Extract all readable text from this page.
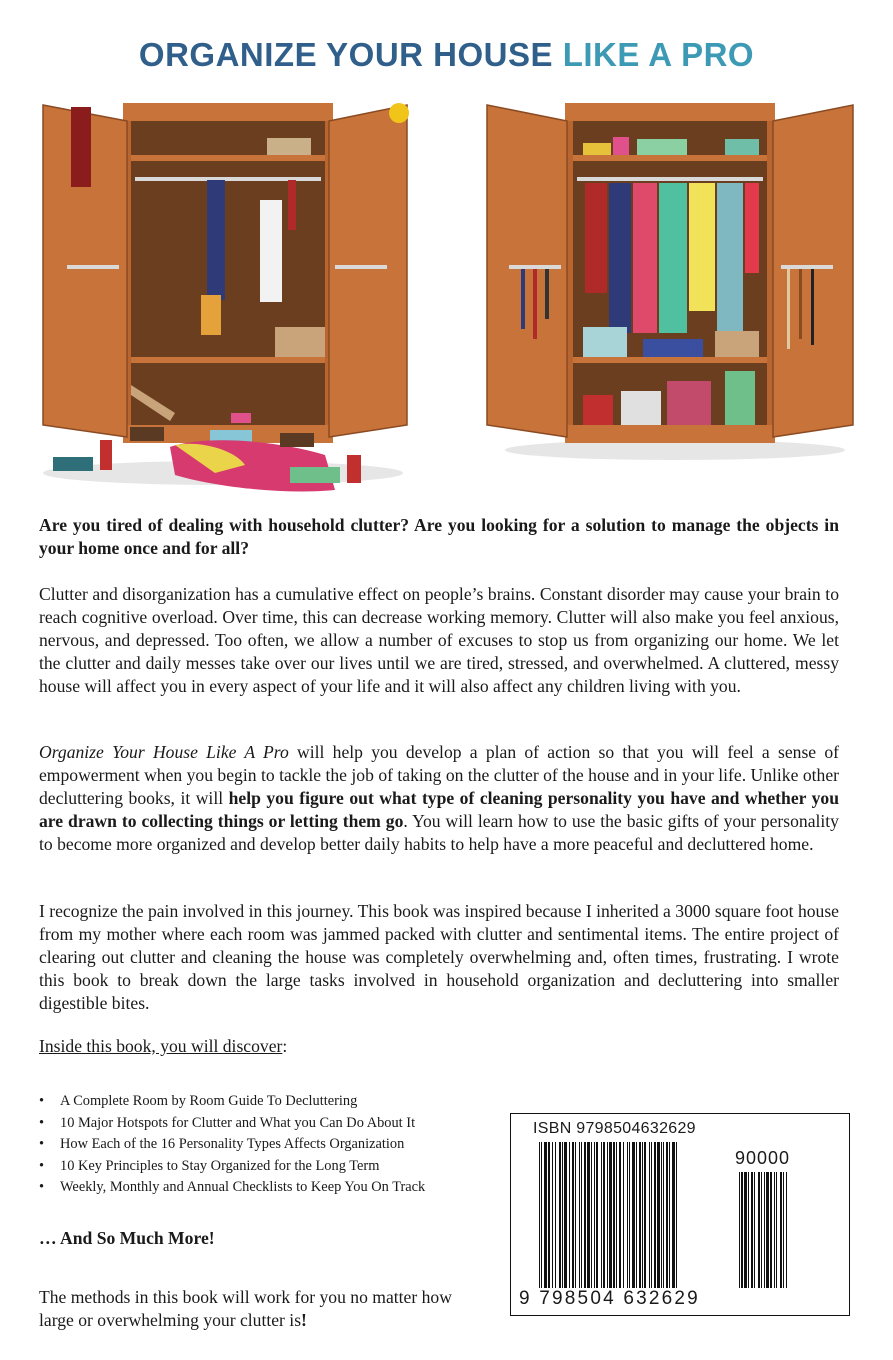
ORGANIZE YOUR HOUSE LIKE A PRO

Are you tired of dealing with household clutter? Are you looking for a solution to manage the objects in your home once and for all?

Clutter and disorganization has a cumulative effect on people’s brains. Constant disorder may cause your brain to reach cognitive overload. Over time, this can decrease working memory. Clutter will also make you feel anxious, nervous, and depressed. Too often, we allow a number of excuses to stop us from organizing our home. We let the clutter and daily messes take over our lives until we are tired, stressed, and overwhelmed. A cluttered, messy house will affect you in every aspect of your life and it will also affect any children living with you.

Organize Your House Like A Pro will help you develop a plan of action so that you will feel a sense of empowerment when you begin to tackle the job of taking on the clutter of the house and in your life. Unlike other decluttering books, it will help you figure out what type of cleaning personality you have and whether you are drawn to collecting things or letting them go. You will learn how to use the basic gifts of your personality to become more organized and develop better daily habits to help have a more peaceful and decluttered home.

I recognize the pain involved in this journey. This book was inspired because I inherited a 3000 square foot house from my mother where each room was jammed packed with clutter and sentimental items. The entire project of clearing out clutter and cleaning the house was completely overwhelming and, often times, frustrating. I wrote this book to break down the large tasks involved in household organization and decluttering into smaller digestible bites.

Inside this book, you will discover:

• A Complete Room by Room Guide To Decluttering
• 10 Major Hotspots for Clutter and What you Can Do About It
• How Each of the 16 Personality Types Affects Organization
• 10 Key Principles to Stay Organized for the Long Term
• Weekly, Monthly and Annual Checklists to Keep You On Track

… And So Much More!

The methods in this book will work for you no matter how large or overwhelming your clutter is!

ISBN 9798504632629
90000
9 798504 632629
